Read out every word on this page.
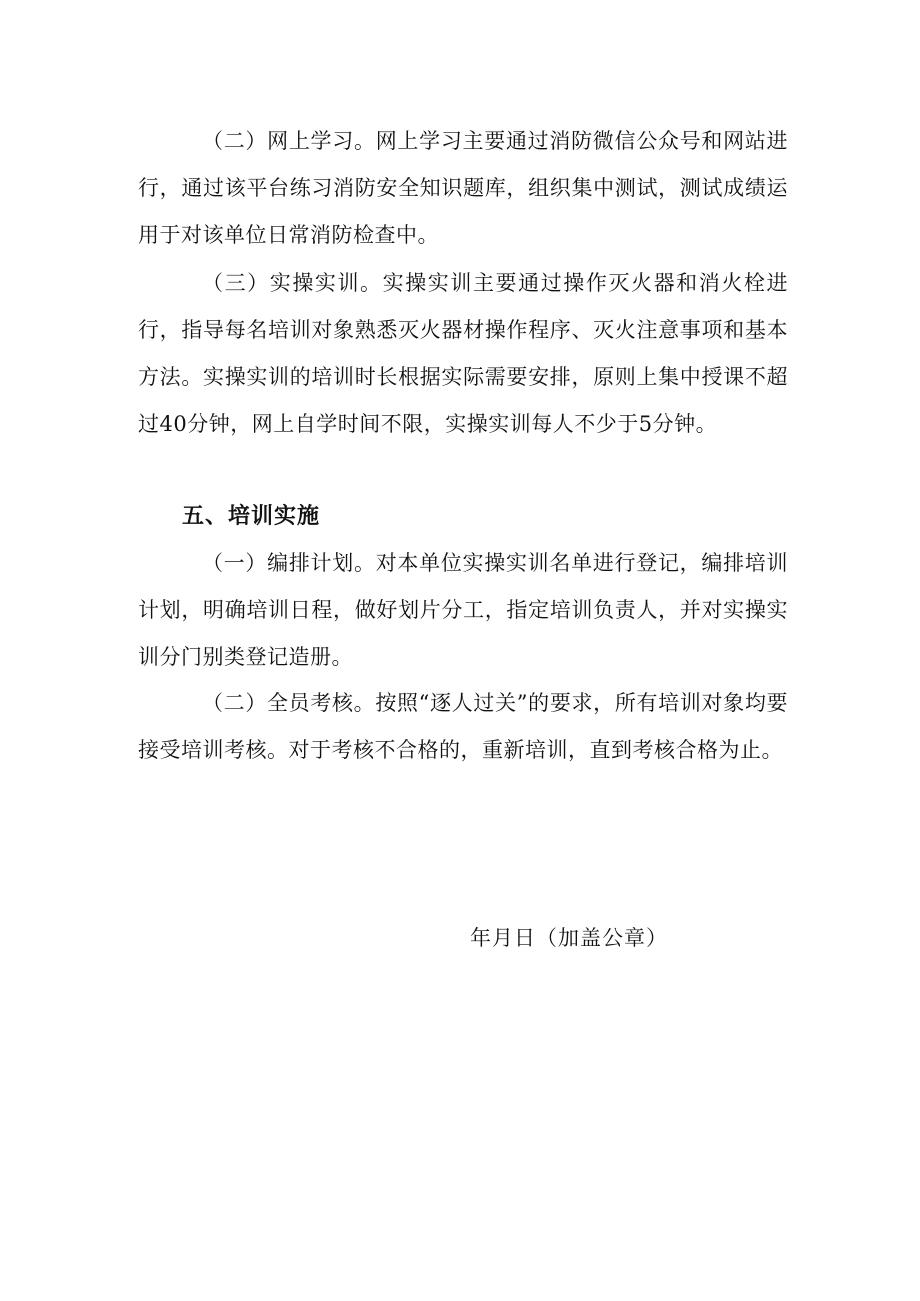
（二）网上学习。网上学习主要通过消防微信公众号和网站进行，通过该平台练习消防安全知识题库，组织集中测试，测试成绩运用于对该单位日常消防检查中。

（三）实操实训。实操实训主要通过操作灭火器和消火栓进行，指导每名培训对象熟悉灭火器材操作程序、灭火注意事项和基本方法。实操实训的培训时长根据实际需要安排，原则上集中授课不超过40分钟，网上自学时间不限，实操实训每人不少于5分钟。

五、培训实施

（一）编排计划。对本单位实操实训名单进行登记，编排培训计划，明确培训日程，做好划片分工，指定培训负责人，并对实操实训分门别类登记造册。

（二）全员考核。按照“逐人过关”的要求，所有培训对象均要接受培训考核。对于考核不合格的，重新培训，直到考核合格为止。

年月日（加盖公章）
